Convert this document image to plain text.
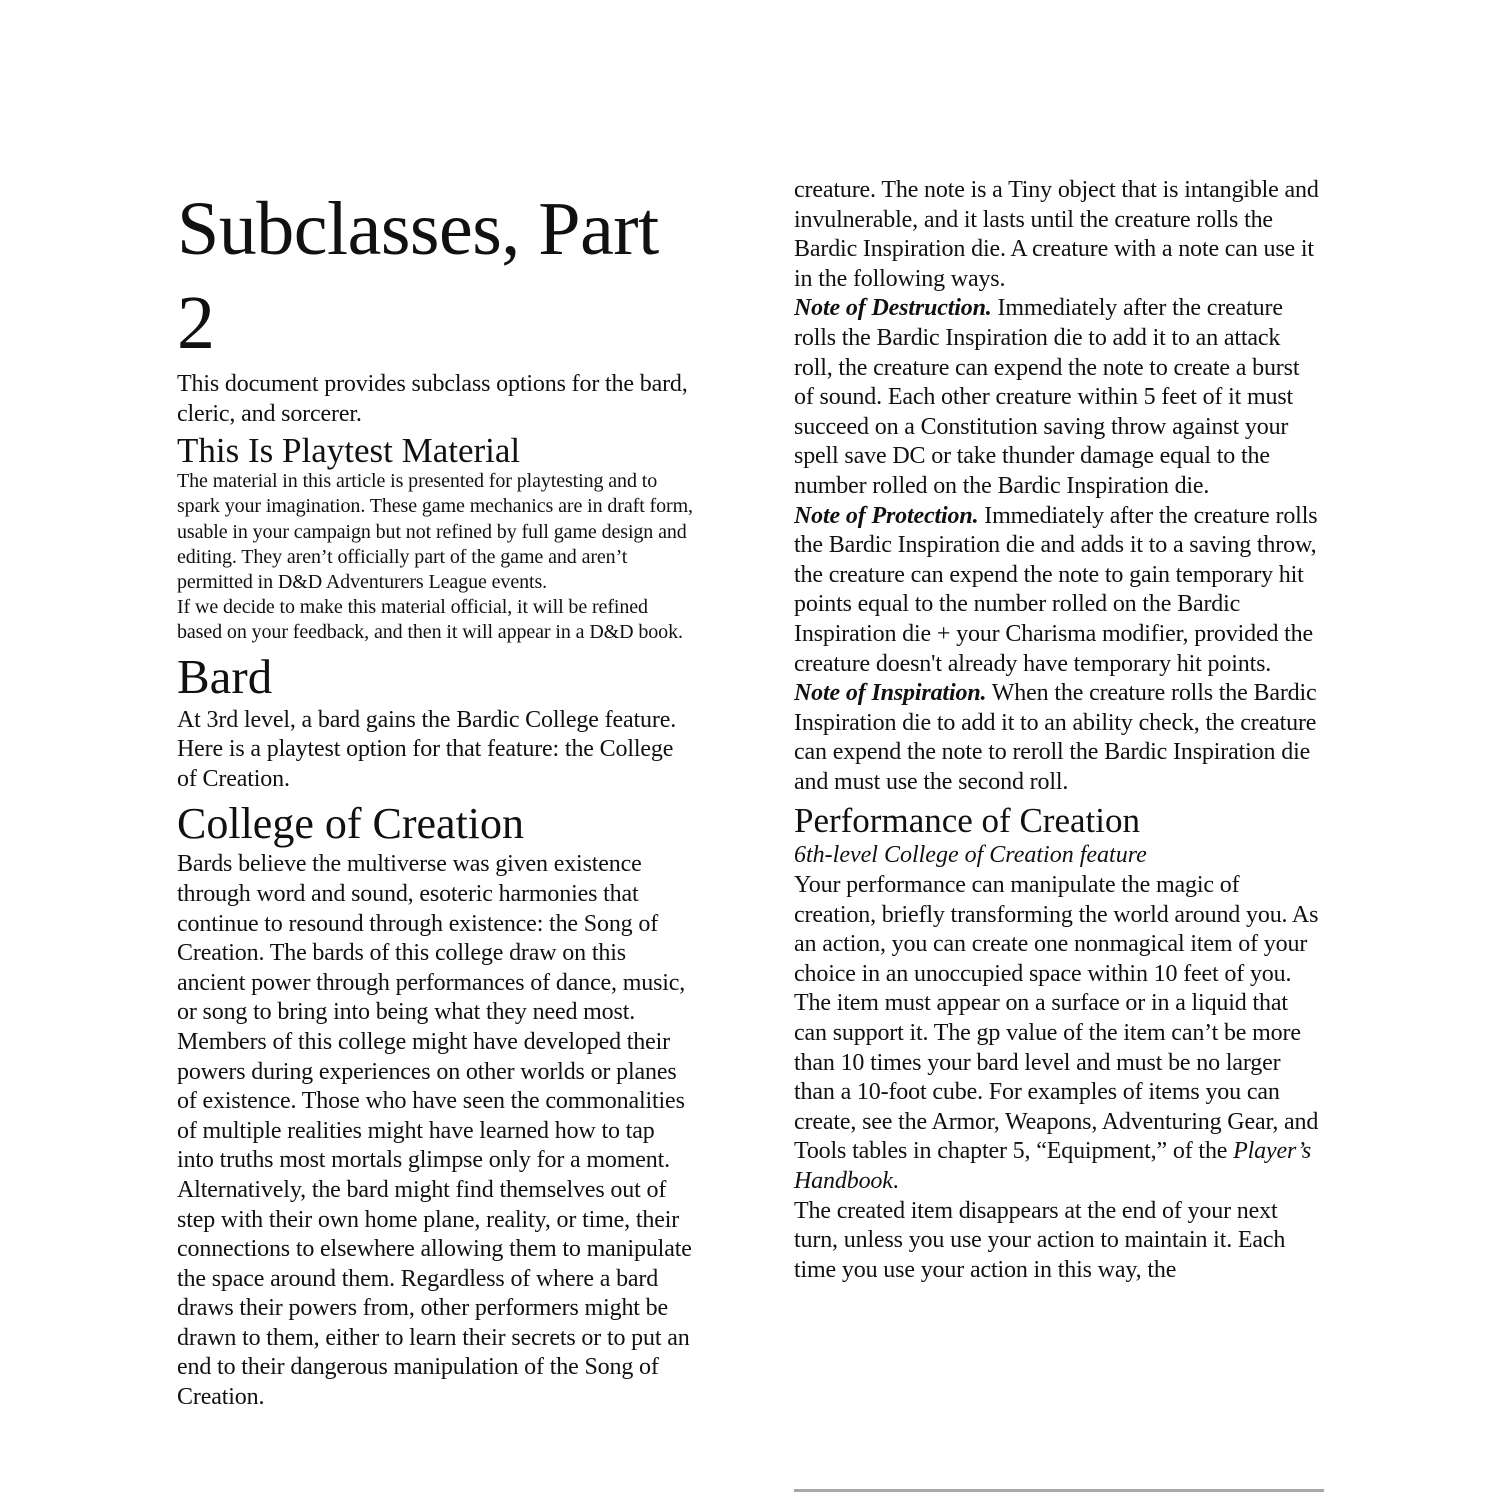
Subclasses, Part 2

This document provides subclass options for the bard, cleric, and sorcerer.

This Is Playtest Material

The material in this article is presented for playtesting and to spark your imagination. These game mechanics are in draft form, usable in your campaign but not refined by full game design and editing. They aren’t officially part of the game and aren’t permitted in D&D Adventurers League events.

If we decide to make this material official, it will be refined based on your feedback, and then it will appear in a D&D book.

Bard

At 3rd level, a bard gains the Bardic College feature. Here is a playtest option for that feature: the College of Creation.

College of Creation

Bards believe the multiverse was given existence through word and sound, esoteric harmonies that continue to resound through existence: the Song of Creation. The bards of this college draw on this ancient power through performances of dance, music, or song to bring into being what they need most.

Members of this college might have developed their powers during experiences on other worlds or planes of existence. Those who have seen the commonalities of multiple realities might have learned how to tap into truths most mortals glimpse only for a moment. Alternatively, the bard might find themselves out of step with their own home plane, reality, or time, their connections to elsewhere allowing them to manipulate the space around them. Regardless of where a bard draws their powers from, other performers might be drawn to them, either to learn their secrets or to put an end to their dangerous manipulation of the Song of Creation.

creature. The note is a Tiny object that is intangible and invulnerable, and it lasts until the creature rolls the Bardic Inspiration die. A creature with a note can use it in the following ways.

Note of Destruction. Immediately after the creature rolls the Bardic Inspiration die to add it to an attack roll, the creature can expend the note to create a burst of sound. Each other creature within 5 feet of it must succeed on a Constitution saving throw against your spell save DC or take thunder damage equal to the number rolled on the Bardic Inspiration die.

Note of Protection. Immediately after the creature rolls the Bardic Inspiration die and adds it to a saving throw, the creature can expend the note to gain temporary hit points equal to the number rolled on the Bardic Inspiration die + your Charisma modifier, provided the creature doesn't already have temporary hit points.

Note of Inspiration. When the creature rolls the Bardic Inspiration die to add it to an ability check, the creature can expend the note to reroll the Bardic Inspiration die and must use the second roll.

Performance of Creation

6th-level College of Creation feature

Your performance can manipulate the magic of creation, briefly transforming the world around you. As an action, you can create one nonmagical item of your choice in an unoccupied space within 10 feet of you. The item must appear on a surface or in a liquid that can support it. The gp value of the item can’t be more than 10 times your bard level and must be no larger than a 10-foot cube. For examples of items you can create, see the Armor, Weapons, Adventuring Gear, and Tools tables in chapter 5, “Equipment,” of the Player’s Handbook.

The created item disappears at the end of your next turn, unless you use your action to maintain it. Each time you use your action in this way, the
